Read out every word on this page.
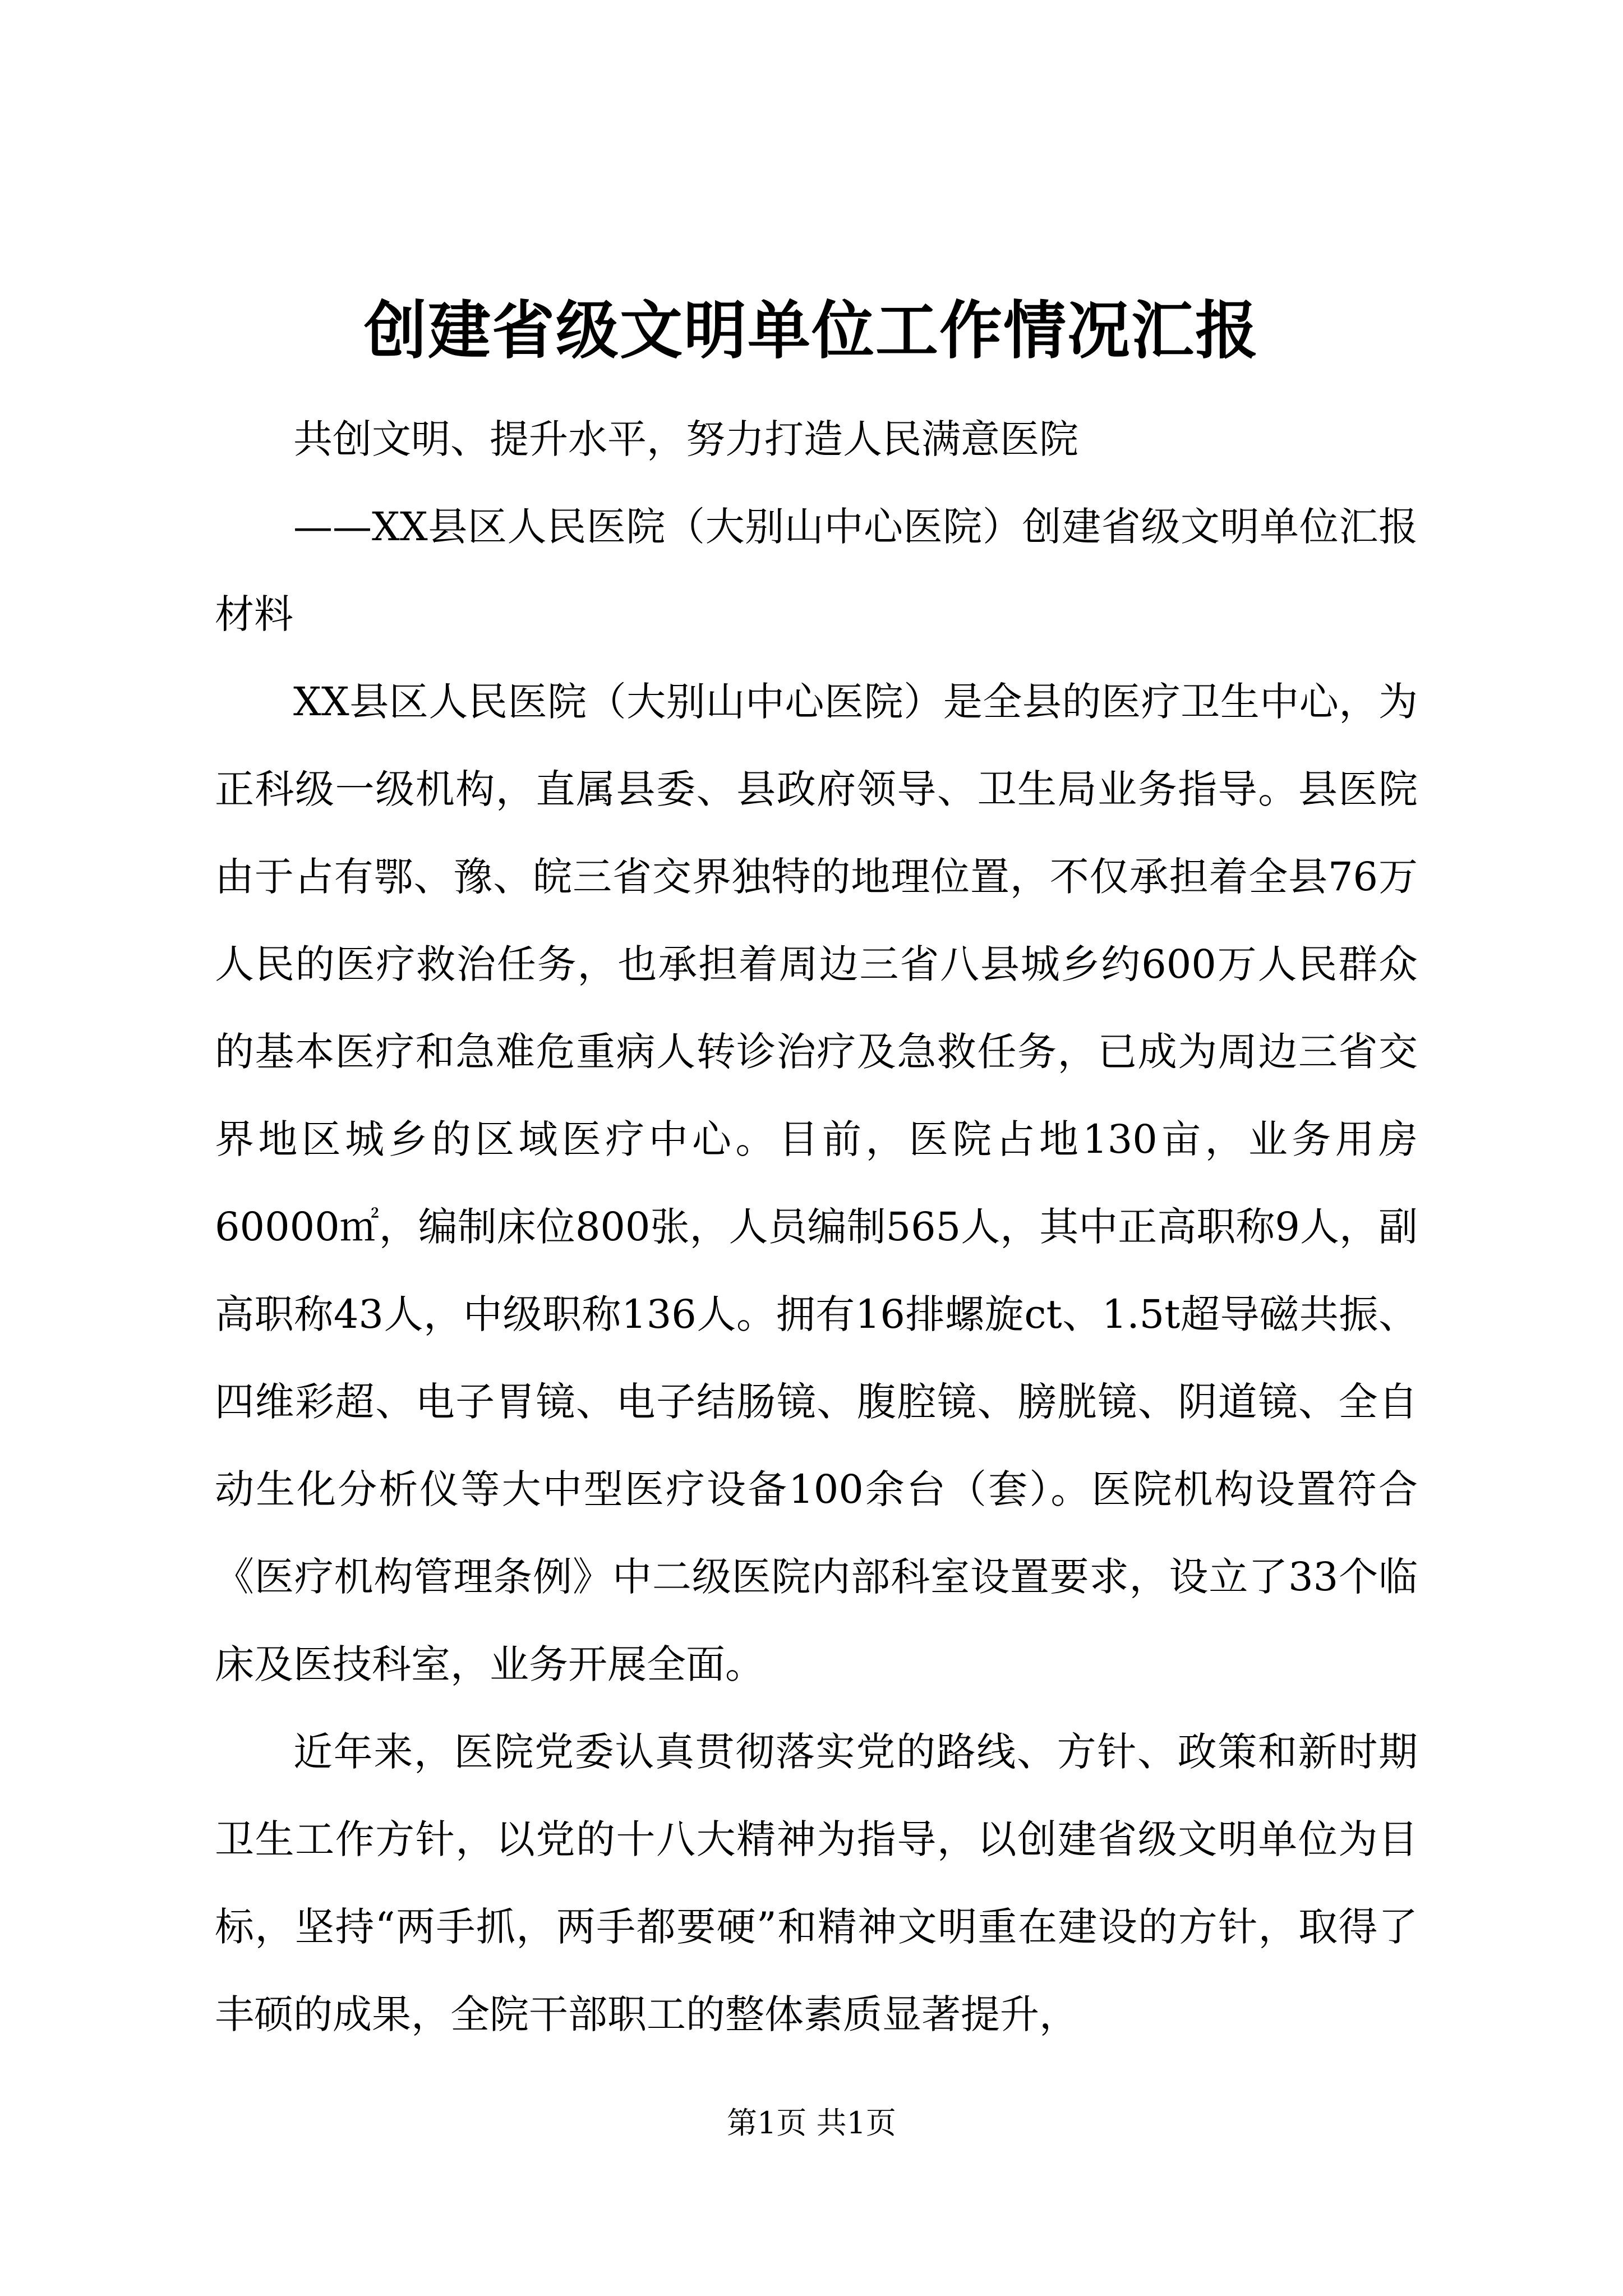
创建省级文明单位工作情况汇报

共创文明、提升水平，努力打造人民满意医院

——XX县区人民医院（大别山中心医院）创建省级文明单位汇报材料

XX县区人民医院（大别山中心医院）是全县的医疗卫生中心，为正科级一级机构，直属县委、县政府领导、卫生局业务指导。县医院由于占有鄂、豫、皖三省交界独特的地理位置，不仅承担着全县76万人民的医疗救治任务，也承担着周边三省八县城乡约600万人民群众的基本医疗和急难危重病人转诊治疗及急救任务，已成为周边三省交界地区城乡的区域医疗中心。目前，医院占地130亩，业务用房60000㎡，编制床位800张，人员编制565人，其中正高职称9人，副高职称43人，中级职称136人。拥有16排螺旋ct、1.5t超导磁共振、四维彩超、电子胃镜、电子结肠镜、腹腔镜、膀胱镜、阴道镜、全自动生化分析仪等大中型医疗设备100余台（套）。医院机构设置符合《医疗机构管理条例》中二级医院内部科室设置要求，设立了33个临床及医技科室，业务开展全面。

近年来，医院党委认真贯彻落实党的路线、方针、政策和新时期卫生工作方针，以党的十八大精神为指导，以创建省级文明单位为目标，坚持“两手抓，两手都要硬”和精神文明重在建设的方针，取得了丰硕的成果，全院干部职工的整体素质显著提升，

第1页 共1页
